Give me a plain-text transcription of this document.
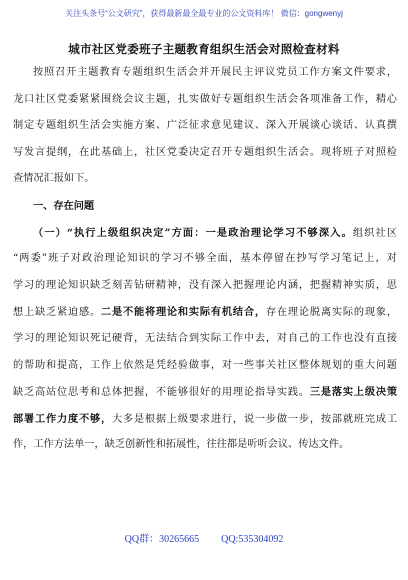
关注头条号“公文研究”，获得最新最全最专业的公文资料库！ 微信：gongwenyj
城市社区党委班子主题教育组织生活会对照检查材料
按照召开主题教育专题组织生活会并开展民主评议党员工作方案文件要求，
龙口社区党委紧紧围绕会议主题，扎实做好专题组织生活会各项准备工作，精心
制定专题组织生活会实施方案、广泛征求意见建议、深入开展谈心谈话、认真撰
写发言提纲，在此基础上，社区党委决定召开专题组织生活会。现将班子对照检
查情况汇报如下。
一、存在问题
（一）“执行上级组织决定”方面：一是政治理论学习不够深入。组织社区
“两委”班子对政治理论知识的学习不够全面，基本停留在抄写学习笔记上，对
学习的理论知识缺乏刻苦钻研精神，没有深入把握理论内涵，把握精神实质，思
想上缺乏紧迫感。二是不能将理论和实际有机结合，存在理论脱离实际的现象，
学习的理论知识死记硬背，无法结合到实际工作中去，对自己的工作也没有直接
的帮助和提高，工作上依然是凭经验做事，对一些事关社区整体规划的重大问题
缺乏高站位思考和总体把握，不能够很好的用理论指导实践。三是落实上级决策
部署工作力度不够，大多是根据上级要求进行，说一步做一步，按部就班完成工
作，工作方法单一，缺乏创新性和拓展性，往往都是听听会议、传达文件。
QQ群：30265665 QQ:535304092
